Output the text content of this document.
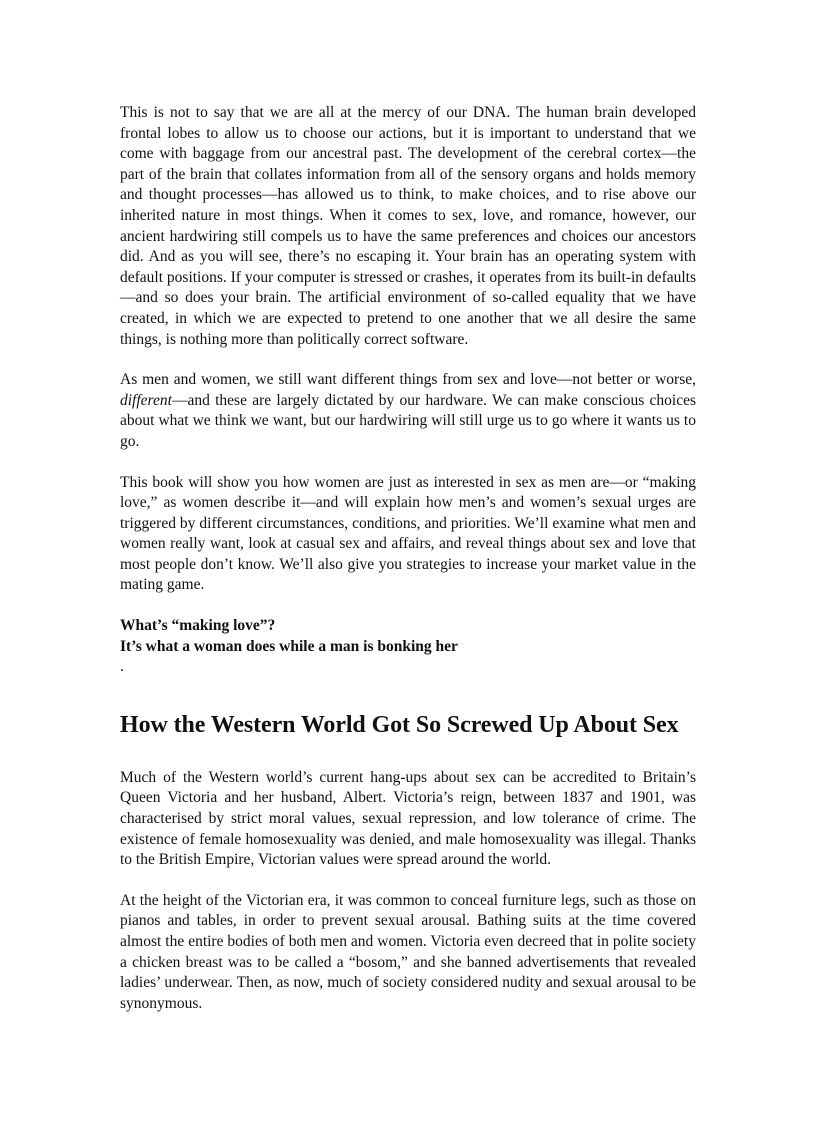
This is not to say that we are all at the mercy of our DNA. The human brain developed frontal lobes to allow us to choose our actions, but it is important to understand that we come with baggage from our ancestral past. The development of the cerebral cortex—the part of the brain that collates information from all of the sensory organs and holds memory and thought processes—has allowed us to think, to make choices, and to rise above our inherited nature in most things. When it comes to sex, love, and romance, however, our ancient hardwiring still compels us to have the same preferences and choices our ancestors did. And as you will see, there’s no escaping it. Your brain has an operating system with default positions. If your computer is stressed or crashes, it operates from its built-in defaults—and so does your brain. The artificial environment of so-called equality that we have created, in which we are expected to pretend to one another that we all desire the same things, is nothing more than politically correct software.

As men and women, we still want different things from sex and love—not better or worse, different—and these are largely dictated by our hardware. We can make conscious choices about what we think we want, but our hardwiring will still urge us to go where it wants us to go.

This book will show you how women are just as interested in sex as men are—or “making love,” as women describe it—and will explain how men’s and women’s sexual urges are triggered by different circumstances, conditions, and priorities. We’ll examine what men and women really want, look at casual sex and affairs, and reveal things about sex and love that most people don’t know. We’ll also give you strategies to increase your market value in the mating game.

What’s “making love”?
It’s what a woman does while a man is bonking her
.
How the Western World Got So Screwed Up About Sex

Much of the Western world’s current hang-ups about sex can be accredited to Britain’s Queen Victoria and her husband, Albert. Victoria’s reign, between 1837 and 1901, was characterised by strict moral values, sexual repression, and low tolerance of crime. The existence of female homosexuality was denied, and male homosexuality was illegal. Thanks to the British Empire, Victorian values were spread around the world.

At the height of the Victorian era, it was common to conceal furniture legs, such as those on pianos and tables, in order to prevent sexual arousal. Bathing suits at the time covered almost the entire bodies of both men and women. Victoria even decreed that in polite society a chicken breast was to be called a “bosom,” and she banned advertisements that revealed ladies’ underwear. Then, as now, much of society considered nudity and sexual arousal to be synonymous.
